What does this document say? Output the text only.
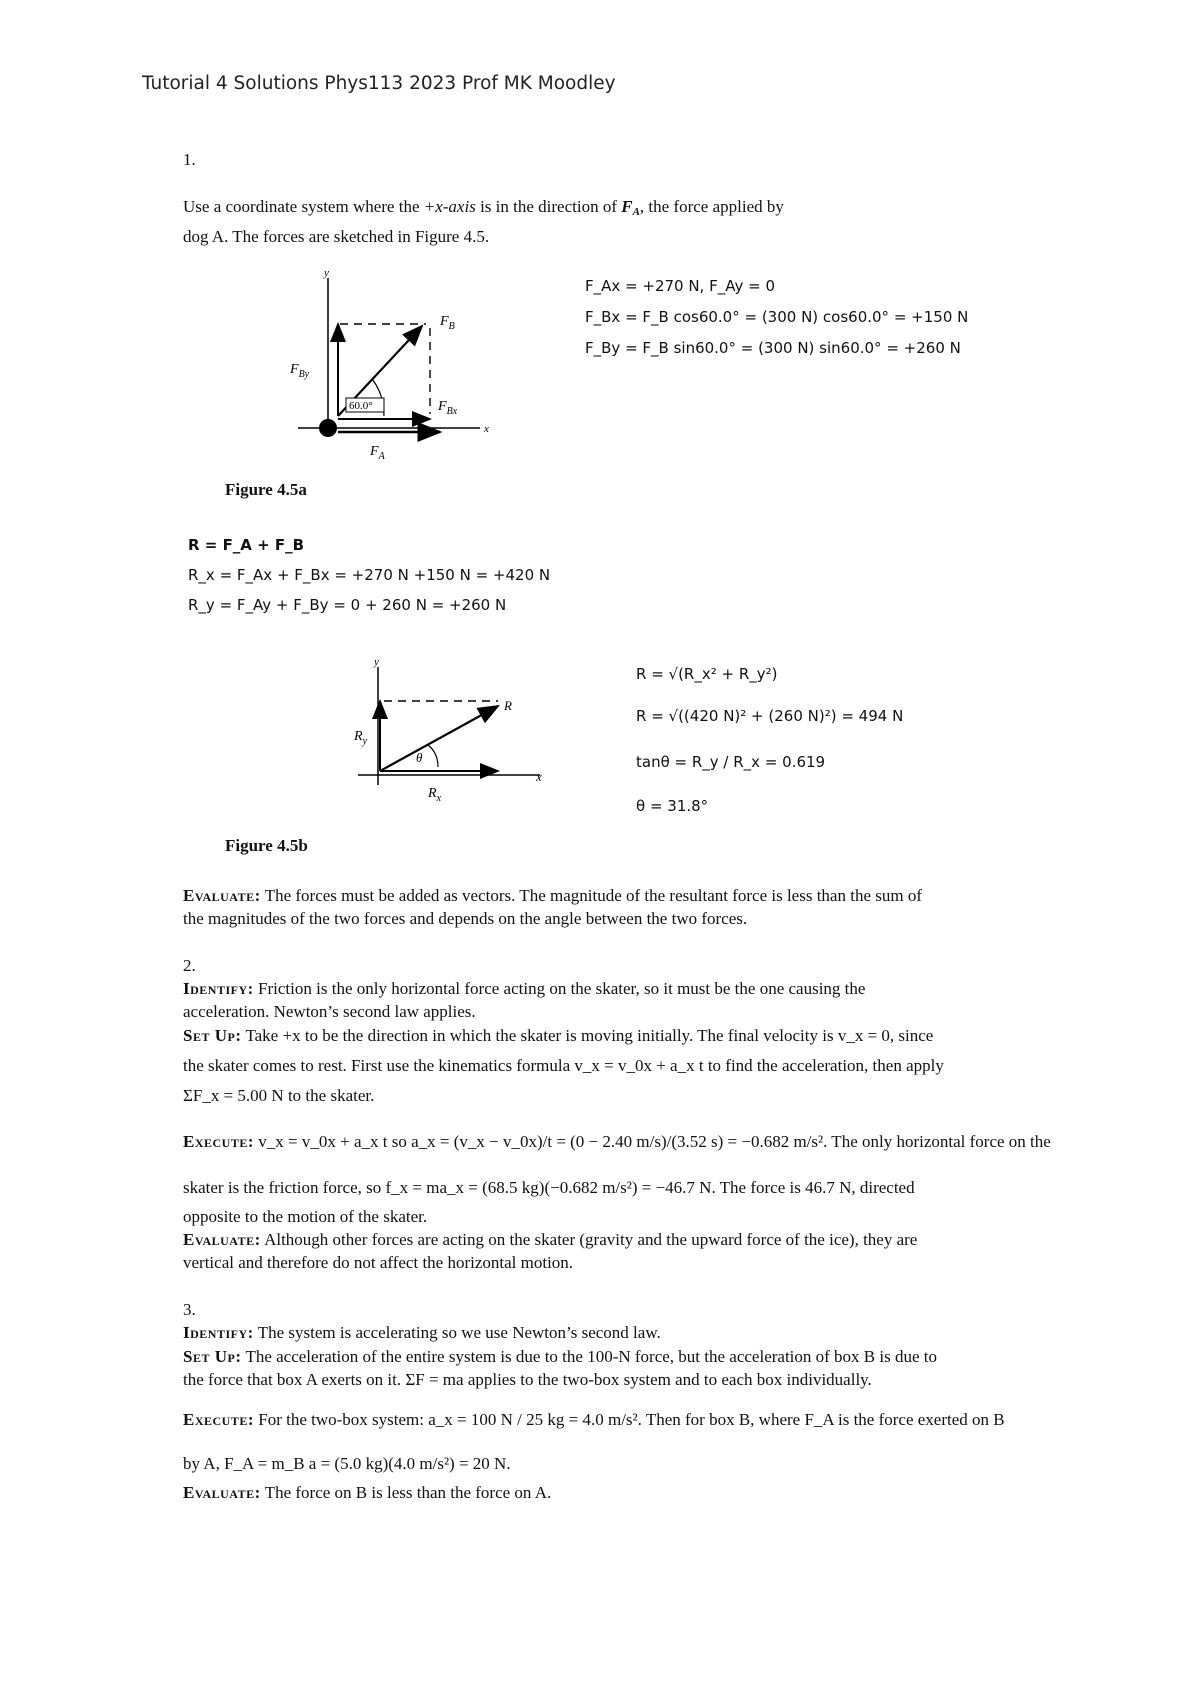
Tutorial 4 Solutions Phys113 2023 Prof MK Moodley
1.
Use a coordinate system where the +x-axis is in the direction of $F_A$, the force applied by
dog A. The forces are sketched in Figure 4.5.
60.0°
y
x
$F_B$
$F_{By}$
$F_{Bx}$
$F_A$
Figure 4.5a
F_Ax = +270 N, F_Ay = 0
F_Bx = F_B cos60.0° = (300 N) cos60.0° = +150 N
F_By = F_B sin60.0° = (300 N) sin60.0° = +260 N
R = F_A + F_B
R_x = F_Ax + F_Bx = +270 N +150 N = +420 N
R_y = F_Ay + F_By = 0 + 260 N = +260 N
θ
y
x
R
$R_y$
$R_x$
Figure 4.5b
R = √(R_x² + R_y²)
R = √((420 N)² + (260 N)²) = 494 N
tanθ = R_y / R_x = 0.619
θ = 31.8°
Evaluate: The forces must be added as vectors. The magnitude of the resultant force is less than the sum of
the magnitudes of the two forces and depends on the angle between the two forces.
2.
Identify: Friction is the only horizontal force acting on the skater, so it must be the one causing the
acceleration. Newton’s second law applies.
Set Up: Take +x to be the direction in which the skater is moving initially. The final velocity is v_x = 0, since
the skater comes to rest. First use the kinematics formula v_x = v_0x + a_x t to find the acceleration, then apply
ΣF_x = 5.00 N to the skater.
Execute: v_x = v_0x + a_x t so a_x = (v_x − v_0x)/t = (0 − 2.40 m/s)/(3.52 s) = −0.682 m/s². The only horizontal force on the
skater is the friction force, so f_x = ma_x = (68.5 kg)(−0.682 m/s²) = −46.7 N. The force is 46.7 N, directed
opposite to the motion of the skater.
Evaluate: Although other forces are acting on the skater (gravity and the upward force of the ice), they are
vertical and therefore do not affect the horizontal motion.
3.
Identify: The system is accelerating so we use Newton’s second law.
Set Up: The acceleration of the entire system is due to the 100-N force, but the acceleration of box B is due to
the force that box A exerts on it. ΣF = ma applies to the two-box system and to each box individually.
Execute: For the two-box system: a_x = 100 N / 25 kg = 4.0 m/s². Then for box B, where F_A is the force exerted on B
by A, F_A = m_B a = (5.0 kg)(4.0 m/s²) = 20 N.
Evaluate: The force on B is less than the force on A.
